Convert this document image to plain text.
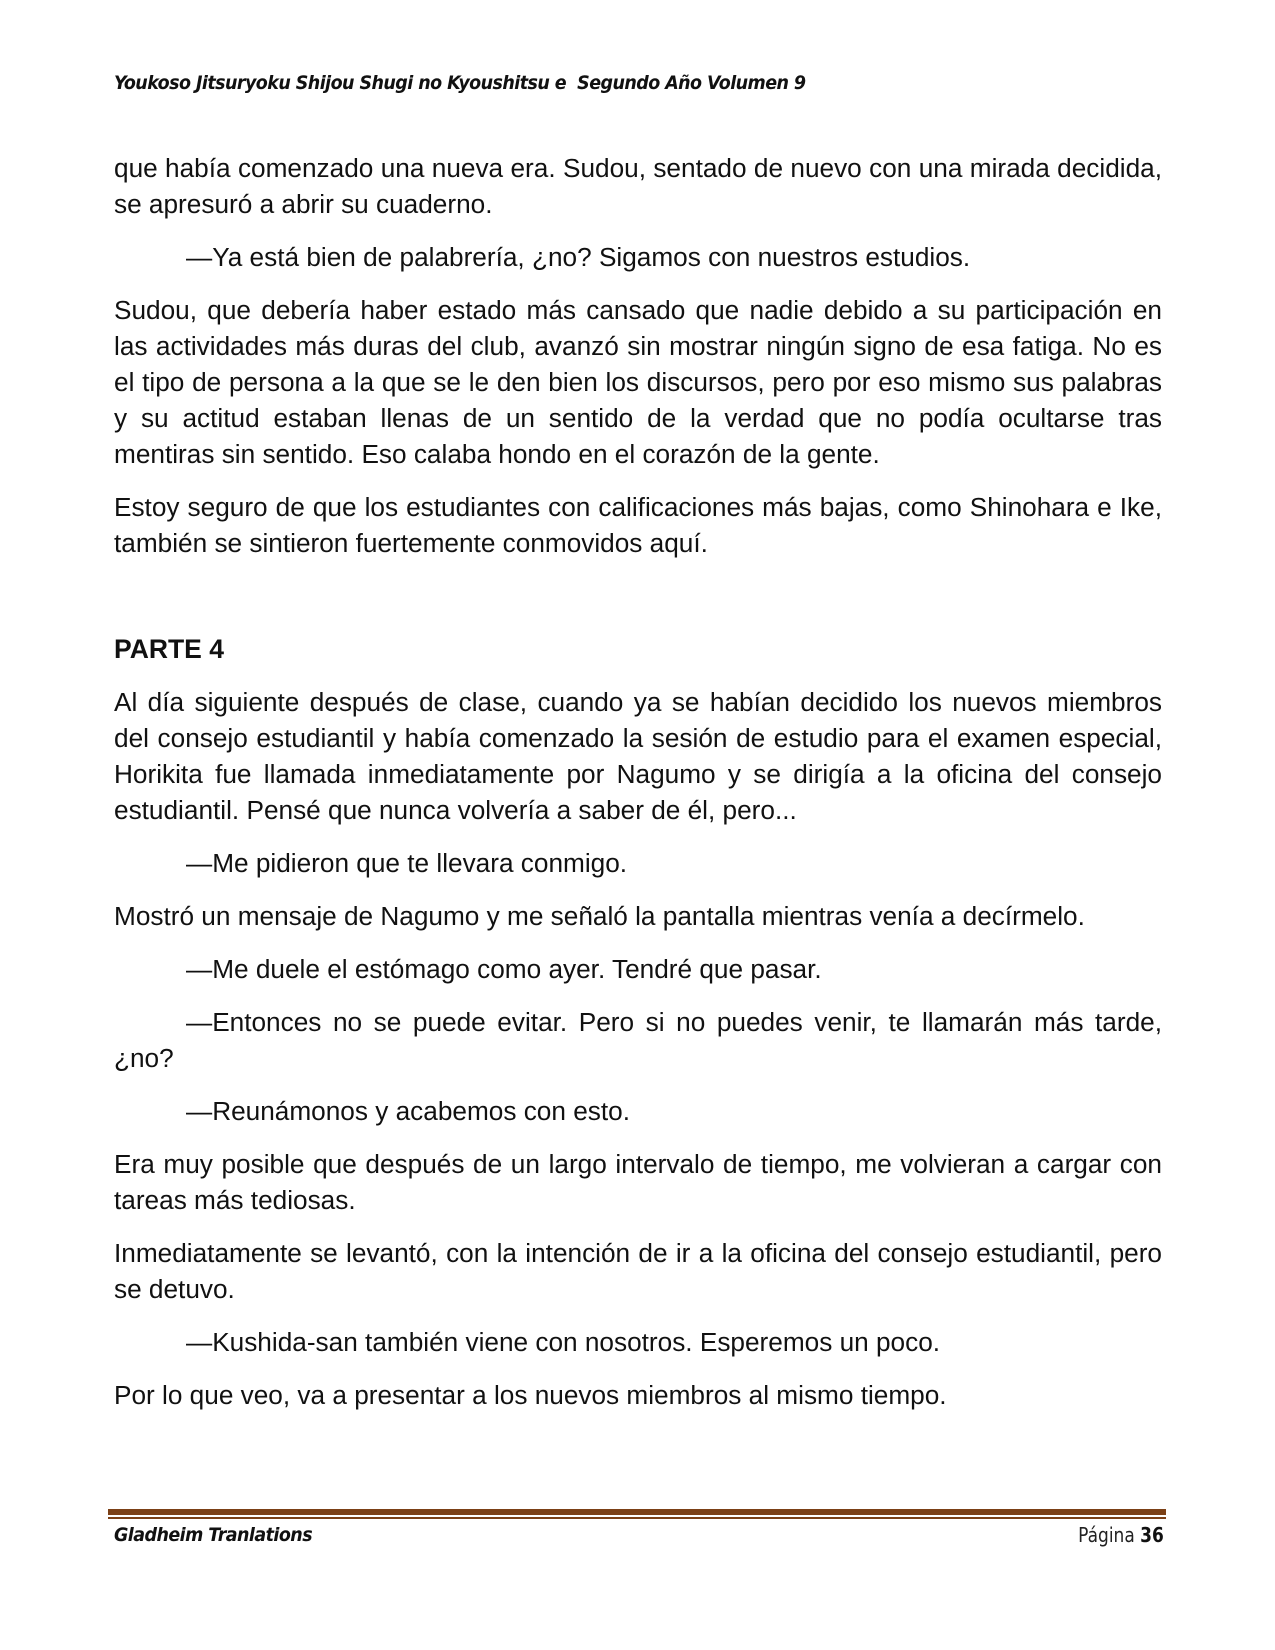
Youkoso Jitsuryoku Shijou Shugi no Kyoushitsu e  Segundo Año Volumen 9

que había comenzado una nueva era. Sudou, sentado de nuevo con una mirada decidida, se apresuró a abrir su cuaderno.

—Ya está bien de palabrería, ¿no? Sigamos con nuestros estudios.

Sudou, que debería haber estado más cansado que nadie debido a su participación en las actividades más duras del club, avanzó sin mostrar ningún signo de esa fatiga. No es el tipo de persona a la que se le den bien los discursos, pero por eso mismo sus palabras y su actitud estaban llenas de un sentido de la verdad que no podía ocultarse tras mentiras sin sentido. Eso calaba hondo en el corazón de la gente.

Estoy seguro de que los estudiantes con calificaciones más bajas, como Shinohara e Ike, también se sintieron fuertemente conmovidos aquí.

PARTE 4

Al día siguiente después de clase, cuando ya se habían decidido los nuevos miembros del consejo estudiantil y había comenzado la sesión de estudio para el examen especial, Horikita fue llamada inmediatamente por Nagumo y se dirigía a la oficina del consejo estudiantil. Pensé que nunca volvería a saber de él, pero...

—Me pidieron que te llevara conmigo.

Mostró un mensaje de Nagumo y me señaló la pantalla mientras venía a decírmelo.

—Me duele el estómago como ayer. Tendré que pasar.

—Entonces no se puede evitar. Pero si no puedes venir, te llamarán más tarde, ¿no?

—Reunámonos y acabemos con esto.

Era muy posible que después de un largo intervalo de tiempo, me volvieran a cargar con tareas más tediosas.

Inmediatamente se levantó, con la intención de ir a la oficina del consejo estudiantil, pero se detuvo.

—Kushida-san también viene con nosotros. Esperemos un poco.

Por lo que veo, va a presentar a los nuevos miembros al mismo tiempo.

Gladheim Tranlations	Página 36
